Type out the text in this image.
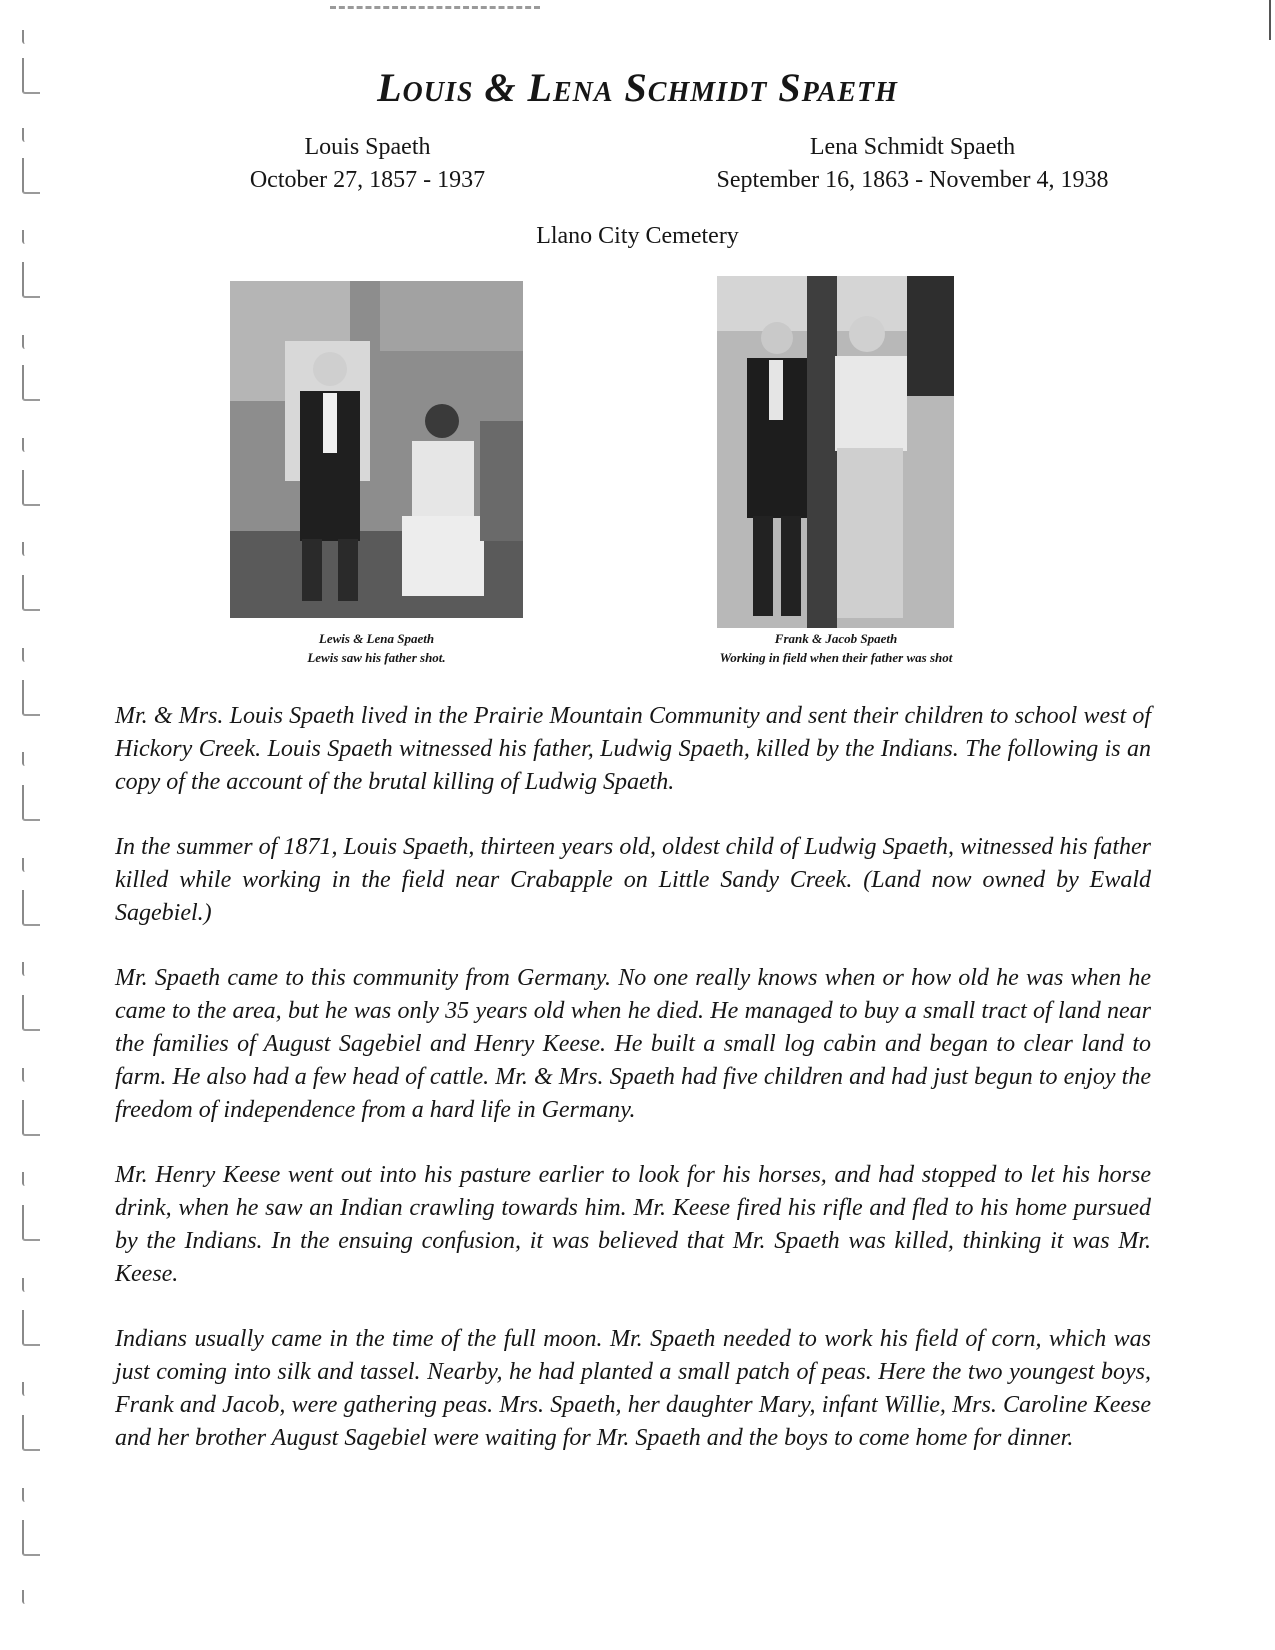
Louis & Lena Schmidt Spaeth
Louis Spaeth
October 27, 1857 - 1937
Lena Schmidt Spaeth
September 16, 1863 - November 4, 1938
Llano City Cemetery
Lewis & Lena Spaeth
Lewis saw his father shot.
Frank & Jacob Spaeth
Working in field when their father was shot

Mr. & Mrs. Louis Spaeth lived in the Prairie Mountain Community and sent their children to school west of Hickory Creek. Louis Spaeth witnessed his father, Ludwig Spaeth, killed by the Indians. The following is an copy of the account of the brutal killing of Ludwig Spaeth.

In the summer of 1871, Louis Spaeth, thirteen years old, oldest child of Ludwig Spaeth, witnessed his father killed while working in the field near Crabapple on Little Sandy Creek. (Land now owned by Ewald Sagebiel.)

Mr. Spaeth came to this community from Germany. No one really knows when or how old he was when he came to the area, but he was only 35 years old when he died. He managed to buy a small tract of land near the families of August Sagebiel and Henry Keese. He built a small log cabin and began to clear land to farm. He also had a few head of cattle. Mr. & Mrs. Spaeth had five children and had just begun to enjoy the freedom of independence from a hard life in Germany.

Mr. Henry Keese went out into his pasture earlier to look for his horses, and had stopped to let his horse drink, when he saw an Indian crawling towards him. Mr. Keese fired his rifle and fled to his home pursued by the Indians. In the ensuing confusion, it was believed that Mr. Spaeth was killed, thinking it was Mr. Keese.

Indians usually came in the time of the full moon. Mr. Spaeth needed to work his field of corn, which was just coming into silk and tassel. Nearby, he had planted a small patch of peas. Here the two youngest boys, Frank and Jacob, were gathering peas. Mrs. Spaeth, her daughter Mary, infant Willie, Mrs. Caroline Keese and her brother August Sagebiel were waiting for Mr. Spaeth and the boys to come home for dinner.
